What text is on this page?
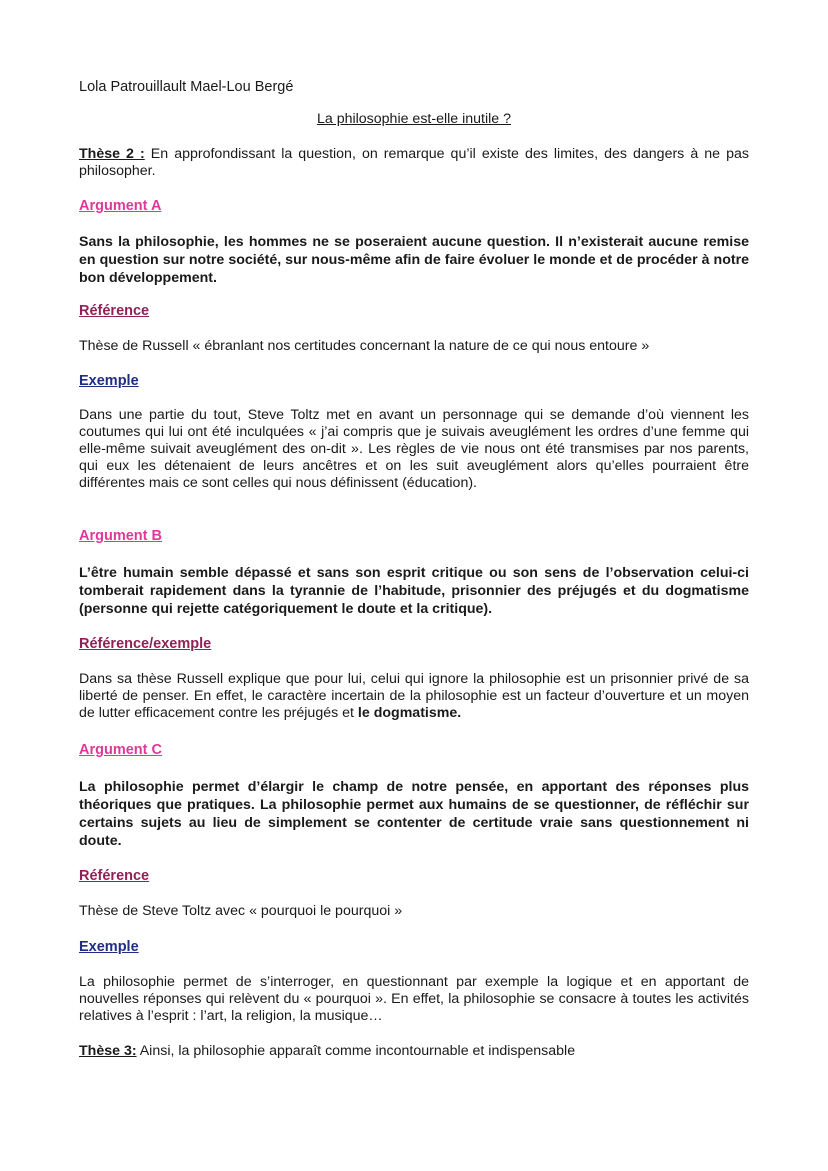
Lola Patrouillault Mael-Lou Bergé

La philosophie est-elle inutile ?

Thèse 2 : En approfondissant la question, on remarque qu’il existe des limites, des dangers à ne pas philosopher.

Argument A

Sans la philosophie, les hommes ne se poseraient aucune question. Il n’existerait aucune remise en question sur notre société, sur nous-même afin de faire évoluer le monde et de procéder à notre bon développement.

Référence

Thèse de Russell « ébranlant nos certitudes concernant la nature de ce qui nous entoure »

Exemple

Dans une partie du tout, Steve Toltz met en avant un personnage qui se demande d’où viennent les coutumes qui lui ont été inculquées « j’ai compris que je suivais aveuglément les ordres d’une femme qui elle-même suivait aveuglément des on-dit ». Les règles de vie nous ont été transmises par nos parents, qui eux les détenaient de leurs ancêtres et on les suit aveuglément alors qu’elles pourraient être différentes mais ce sont celles qui nous définissent (éducation).

Argument B

L’être humain semble dépassé et sans son esprit critique ou son sens de l’observation celui-ci tomberait rapidement dans la tyrannie de l’habitude, prisonnier des préjugés et du dogmatisme (personne qui rejette catégoriquement le doute et la critique).

Référence/exemple

Dans sa thèse Russell explique que pour lui, celui qui ignore la philosophie est un prisonnier privé de sa liberté de penser. En effet, le caractère incertain de la philosophie est un facteur d’ouverture et un moyen de lutter efficacement contre les préjugés et le dogmatisme.

Argument C

La philosophie permet d’élargir le champ de notre pensée, en apportant des réponses plus théoriques que pratiques. La philosophie permet aux humains de se questionner, de réfléchir sur certains sujets au lieu de simplement se contenter de certitude vraie sans questionnement ni doute.

Référence

Thèse de Steve Toltz avec « pourquoi le pourquoi »

Exemple

La philosophie permet de s’interroger, en questionnant par exemple la logique et en apportant de nouvelles réponses qui relèvent du « pourquoi ». En effet, la philosophie se consacre à toutes les activités relatives à l’esprit : l’art, la religion, la musique…

Thèse 3: Ainsi, la philosophie apparaît comme incontournable et indispensable
